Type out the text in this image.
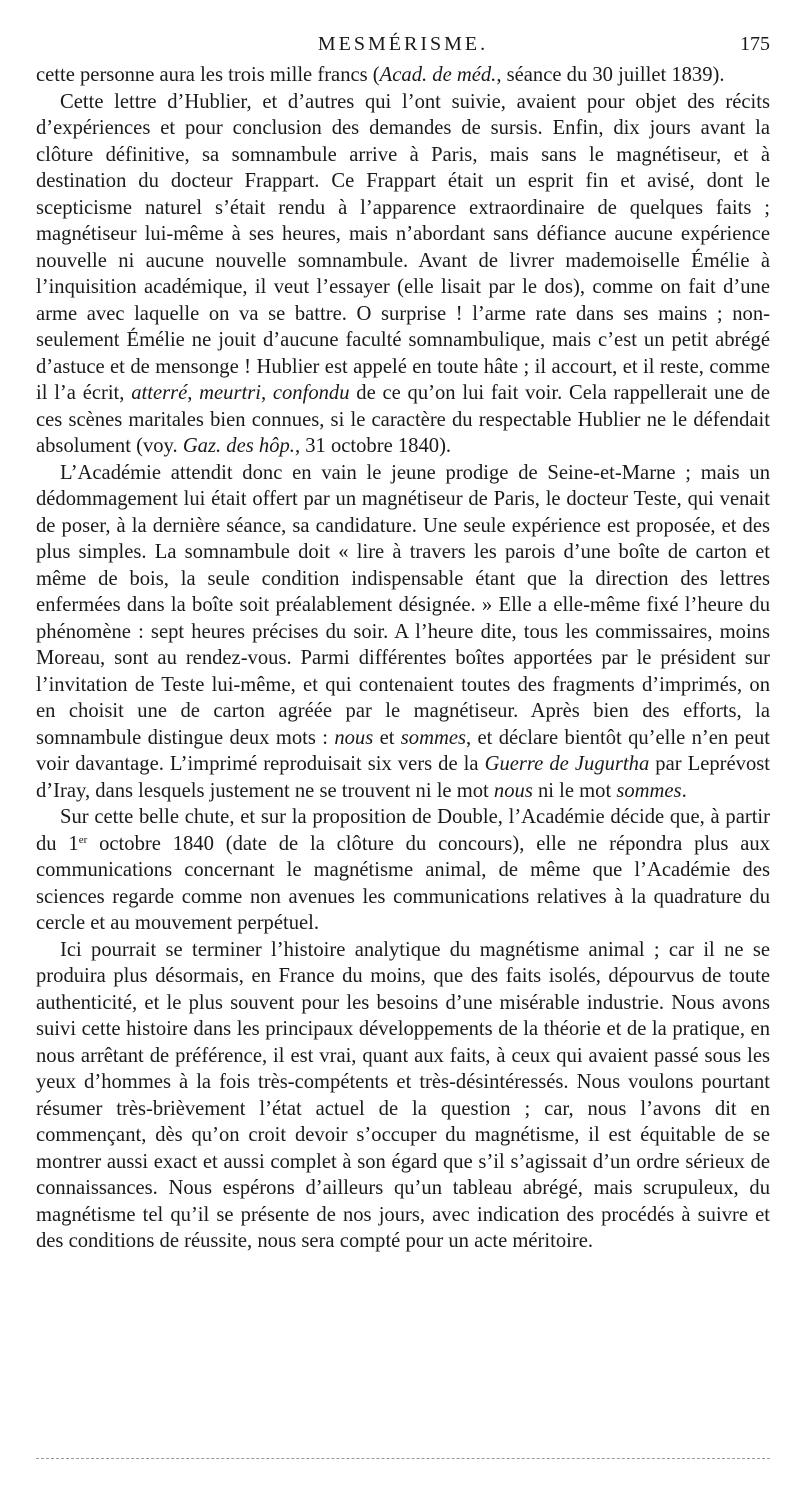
MESMÉRISME.	175

cette personne aura les trois mille francs (Acad. de méd., séance du 30 juillet 1839).

Cette lettre d’Hublier, et d’autres qui l’ont suivie, avaient pour objet des récits d’expériences et pour conclusion des demandes de sursis. Enfin, dix jours avant la clôture définitive, sa somnambule arrive à Paris, mais sans le magnétiseur, et à destination du docteur Frappart. Ce Frappart était un esprit fin et avisé, dont le scepticisme naturel s’était rendu à l’apparence extraordinaire de quelques faits ; magnétiseur lui-même à ses heures, mais n’abordant sans défiance aucune expérience nouvelle ni aucune nouvelle somnambule. Avant de livrer mademoiselle Émélie à l’inquisition académique, il veut l’essayer (elle lisait par le dos), comme on fait d’une arme avec laquelle on va se battre. O surprise ! l’arme rate dans ses mains ; non-seulement Émélie ne jouit d’aucune faculté somnambulique, mais c’est un petit abrégé d’astuce et de mensonge ! Hublier est appelé en toute hâte ; il accourt, et il reste, comme il l’a écrit, atterré, meurtri, confondu de ce qu’on lui fait voir. Cela rappellerait une de ces scènes maritales bien connues, si le caractère du respectable Hublier ne le défendait absolument (voy. Gaz. des hôp., 31 octobre 1840).

L’Académie attendit donc en vain le jeune prodige de Seine-et-Marne ; mais un dédommagement lui était offert par un magnétiseur de Paris, le docteur Teste, qui venait de poser, à la dernière séance, sa candidature. Une seule expérience est proposée, et des plus simples. La somnambule doit « lire à travers les parois d’une boîte de carton et même de bois, la seule condition indispensable étant que la direction des lettres enfermées dans la boîte soit préalablement désignée. » Elle a elle-même fixé l’heure du phénomène : sept heures précises du soir. A l’heure dite, tous les commissaires, moins Moreau, sont au rendez-vous. Parmi différentes boîtes apportées par le président sur l’invitation de Teste lui-même, et qui contenaient toutes des fragments d’imprimés, on en choisit une de carton agréée par le magnétiseur. Après bien des efforts, la somnambule distingue deux mots : nous et sommes, et déclare bientôt qu’elle n’en peut voir davantage. L’imprimé reproduisait six vers de la Guerre de Jugurtha par Leprévost d’Iray, dans lesquels justement ne se trouvent ni le mot nous ni le mot sommes.

Sur cette belle chute, et sur la proposition de Double, l’Académie décide que, à partir du 1er octobre 1840 (date de la clôture du concours), elle ne répondra plus aux communications concernant le magnétisme animal, de même que l’Académie des sciences regarde comme non avenues les communications relatives à la quadrature du cercle et au mouvement perpétuel.

Ici pourrait se terminer l’histoire analytique du magnétisme animal ; car il ne se produira plus désormais, en France du moins, que des faits isolés, dépourvus de toute authenticité, et le plus souvent pour les besoins d’une misérable industrie. Nous avons suivi cette histoire dans les principaux développements de la théorie et de la pratique, en nous arrêtant de préférence, il est vrai, quant aux faits, à ceux qui avaient passé sous les yeux d’hommes à la fois très-compétents et très-désintéressés. Nous voulons pourtant résumer très-brièvement l’état actuel de la question ; car, nous l’avons dit en commençant, dès qu’on croit devoir s’occuper du magnétisme, il est équitable de se montrer aussi exact et aussi complet à son égard que s’il s’agissait d’un ordre sérieux de connaissances. Nous espérons d’ailleurs qu’un tableau abrégé, mais scrupuleux, du magnétisme tel qu’il se présente de nos jours, avec indication des procédés à suivre et des conditions de réussite, nous sera compté pour un acte méritoire.
